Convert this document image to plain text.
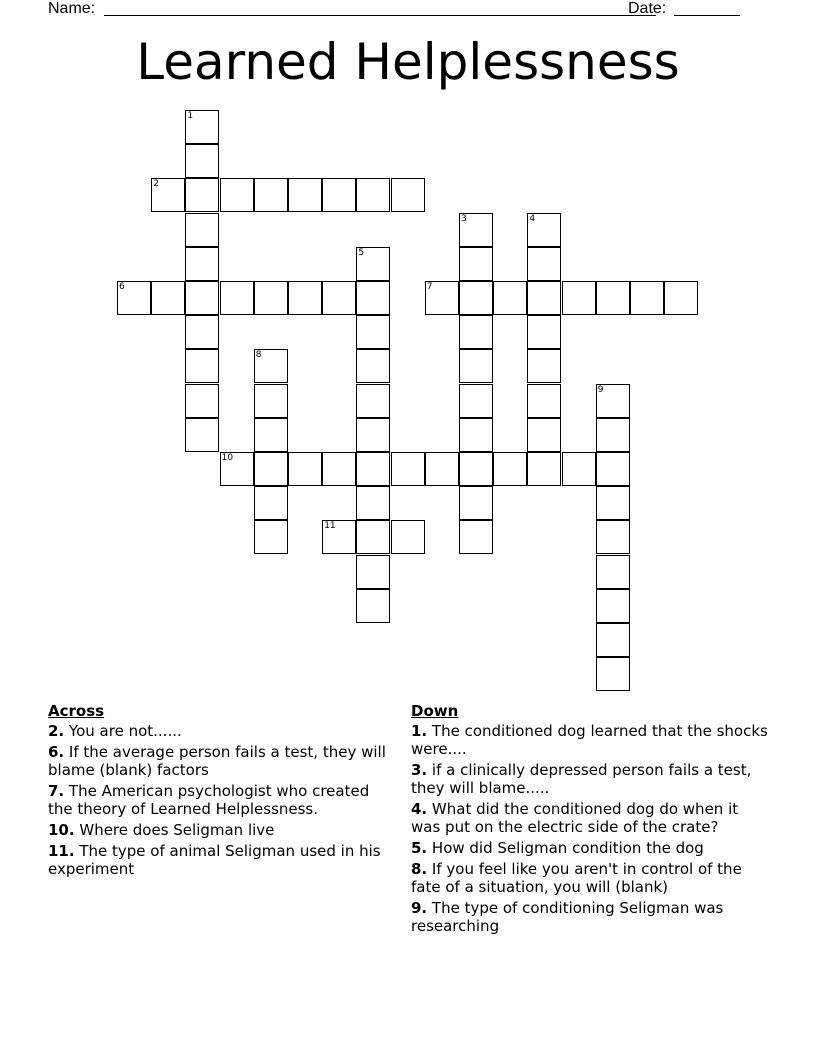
Name:	Date:
Learned Helplessness
1
2
3	4
5
6	7
8
9
10
11
Across
2. You are not......
6. If the average person fails a test, they will blame (blank) factors
7. The American psychologist who created the theory of Learned Helplessness.
10. Where does Seligman live
11. The type of animal Seligman used in his experiment
Down
1. The conditioned dog learned that the shocks were....
3. if a clinically depressed person fails a test, they will blame.....
4. What did the conditioned dog do when it was put on the electric side of the crate?
5. How did Seligman condition the dog
8. If you feel like you aren't in control of the fate of a situation, you will (blank)
9. The type of conditioning Seligman was researching
